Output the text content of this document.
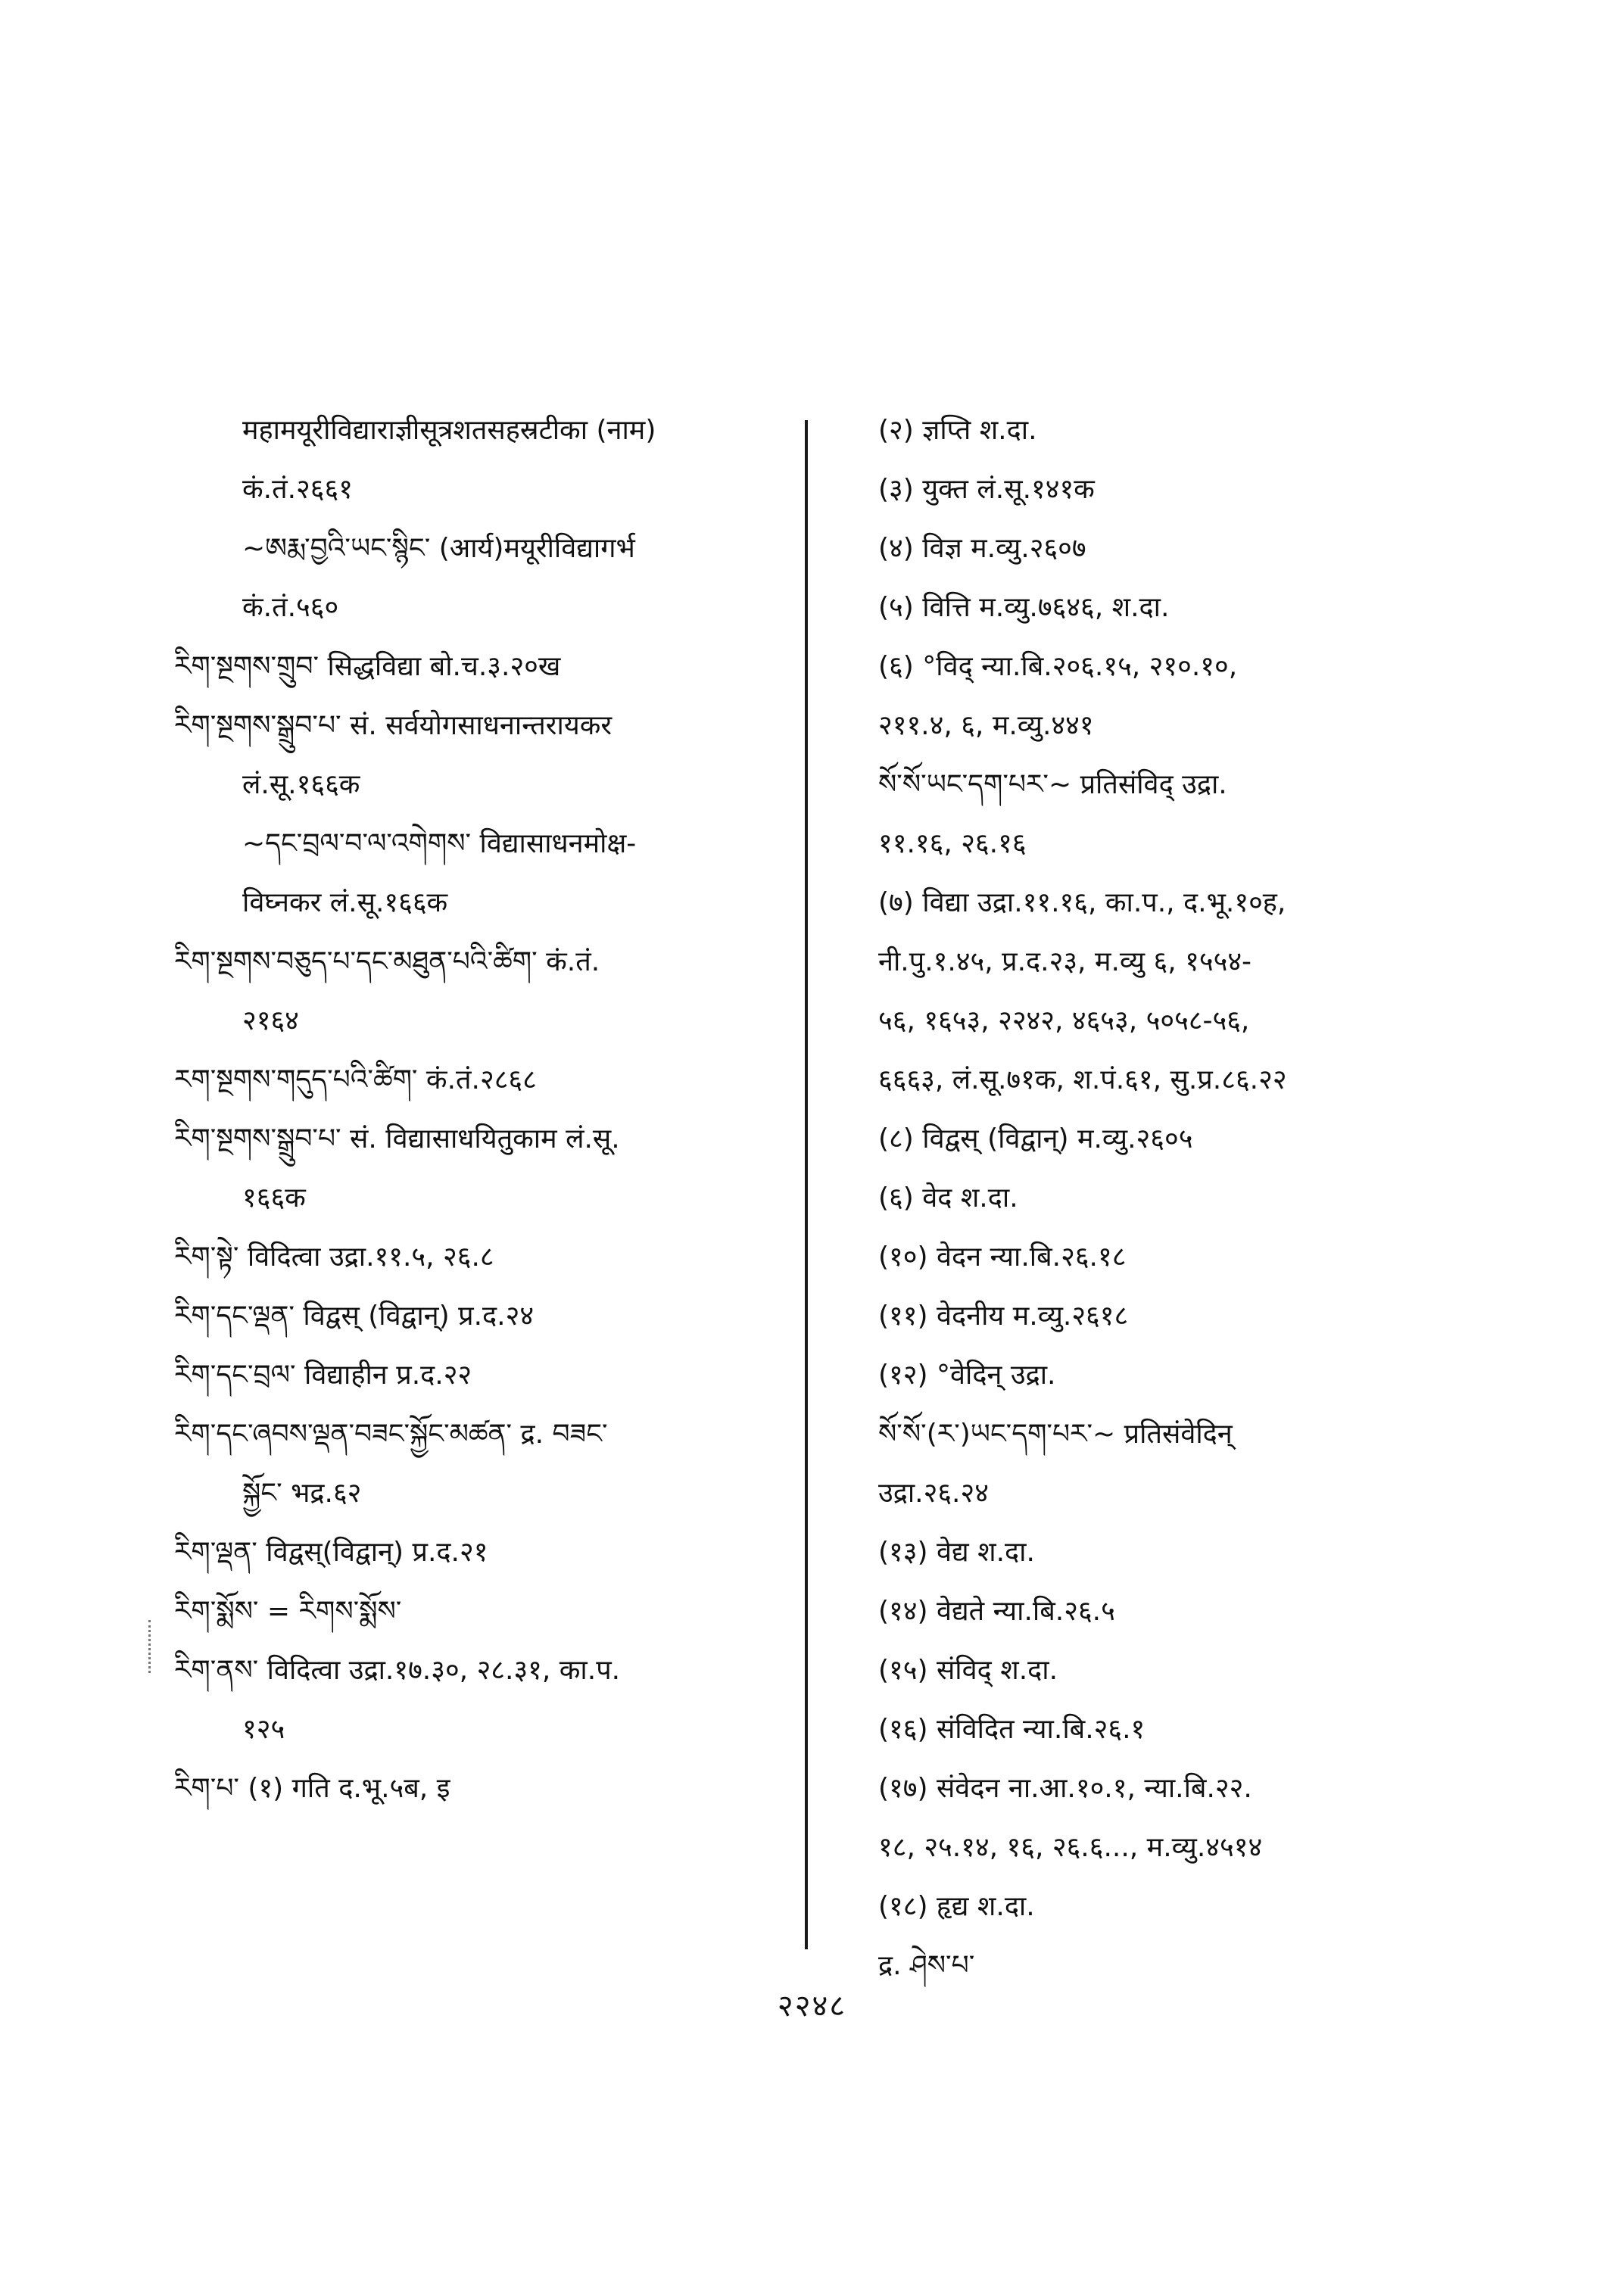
महामयूरीविद्याराज्ञीसूत्रशतसहस्रटीका (नाम)
कं.तं.२६६१
~ཨརྨ་བྱའི་ཡང་སྙིང་ (आर्य)मयूरीविद्यागर्भ
कं.तं.५६०
རིག་སྔགས་གྲུབ་ सिद्धविद्या बो.च.३.२०ख
རིག་སྔགས་སྒྲུབ་པ་ सं. सर्वयोगसाधनान्तरायकर
लं.सू.१६६क
~དང་བྲལ་བ་ལ་འགེགས་ विद्यासाधनमोक्ष-
विघ्नकर लं.सू.१६६क
རིག་སྔགས་བཅུད་པ་དང་མཐུན་པའི་ཚིག་ कं.तं.
२१६४
རག་སྔགས་གདུད་པའི་ཚིག་ कं.तं.२८६८
རིག་སྔགས་སྒྲུབ་པ་ सं. विद्यासाधयितुकाम लं.सू.
१६६क
རིག་སྟེ་ विदित्वा उद्रा.११.५, २६.८
རིག་དང་ལྡན་ विद्वस् (विद्वान्) प्र.द.२४
རིག་དང་བྲལ་ विद्याहीन प्र.द.२२
རིག་དང་ཞབས་ལྡན་བཟང་སྐྱོང་མཚན་ द्र. བཟང་
སྐྱོང་ भद्र.६२
རིག་ལྡན་ विद्वस्(विद्वान्) प्र.द.२१
རིག་སྨོས་ = རིགས་སྨོས་
རིག་ནས་ विदित्वा उद्रा.१७.३०, २८.३१, का.प.
१२५
རིག་པ་ (१) गति द.भू.५ब, इ
(२) ज्ञप्ति श.दा.
(३) युक्त लं.सू.१४१क
(४) विज्ञ म.व्यु.२६०७
(५) वित्ति म.व्यु.७६४६, श.दा.
(६) °विद् न्या.बि.२०६.१५, २१०.१०,
२११.४, ६, म.व्यु.४४१
སོ་སོ་ཡང་དག་པར་~ प्रतिसंविद् उद्रा.
११.१६, २६.१६
(७) विद्या उद्रा.११.१६, का.प., द.भू.१०ह,
नी.पु.१.४५, प्र.द.२३, म.व्यु ६, १५५४-
५६, १६५३, २२४२, ४६५३, ५०५८-५६,
६६६३, लं.सू.७१क, श.पं.६१, सु.प्र.८६.२२
(८) विद्वस् (विद्वान्) म.व्यु.२६०५
(६) वेद श.दा.
(१०) वेदन न्या.बि.२६.१८
(११) वेदनीय म.व्यु.२६१८
(१२) °वेदिन् उद्रा.
སོ་སོ་(ར་)ཡང་དག་པར་~ प्रतिसंवेदिन्
उद्रा.२६.२४
(१३) वेद्य श.दा.
(१४) वेद्यते न्या.बि.२६.५
(१५) संविद् श.दा.
(१६) संविदित न्या.बि.२६.१
(१७) संवेदन ना.आ.१०.१, न्या.बि.२२.
१८, २५.१४, १६, २६.६..., म.व्यु.४५१४
(१८) हृद्य श.दा.
द्र. ཤེས་པ་
२२४८
